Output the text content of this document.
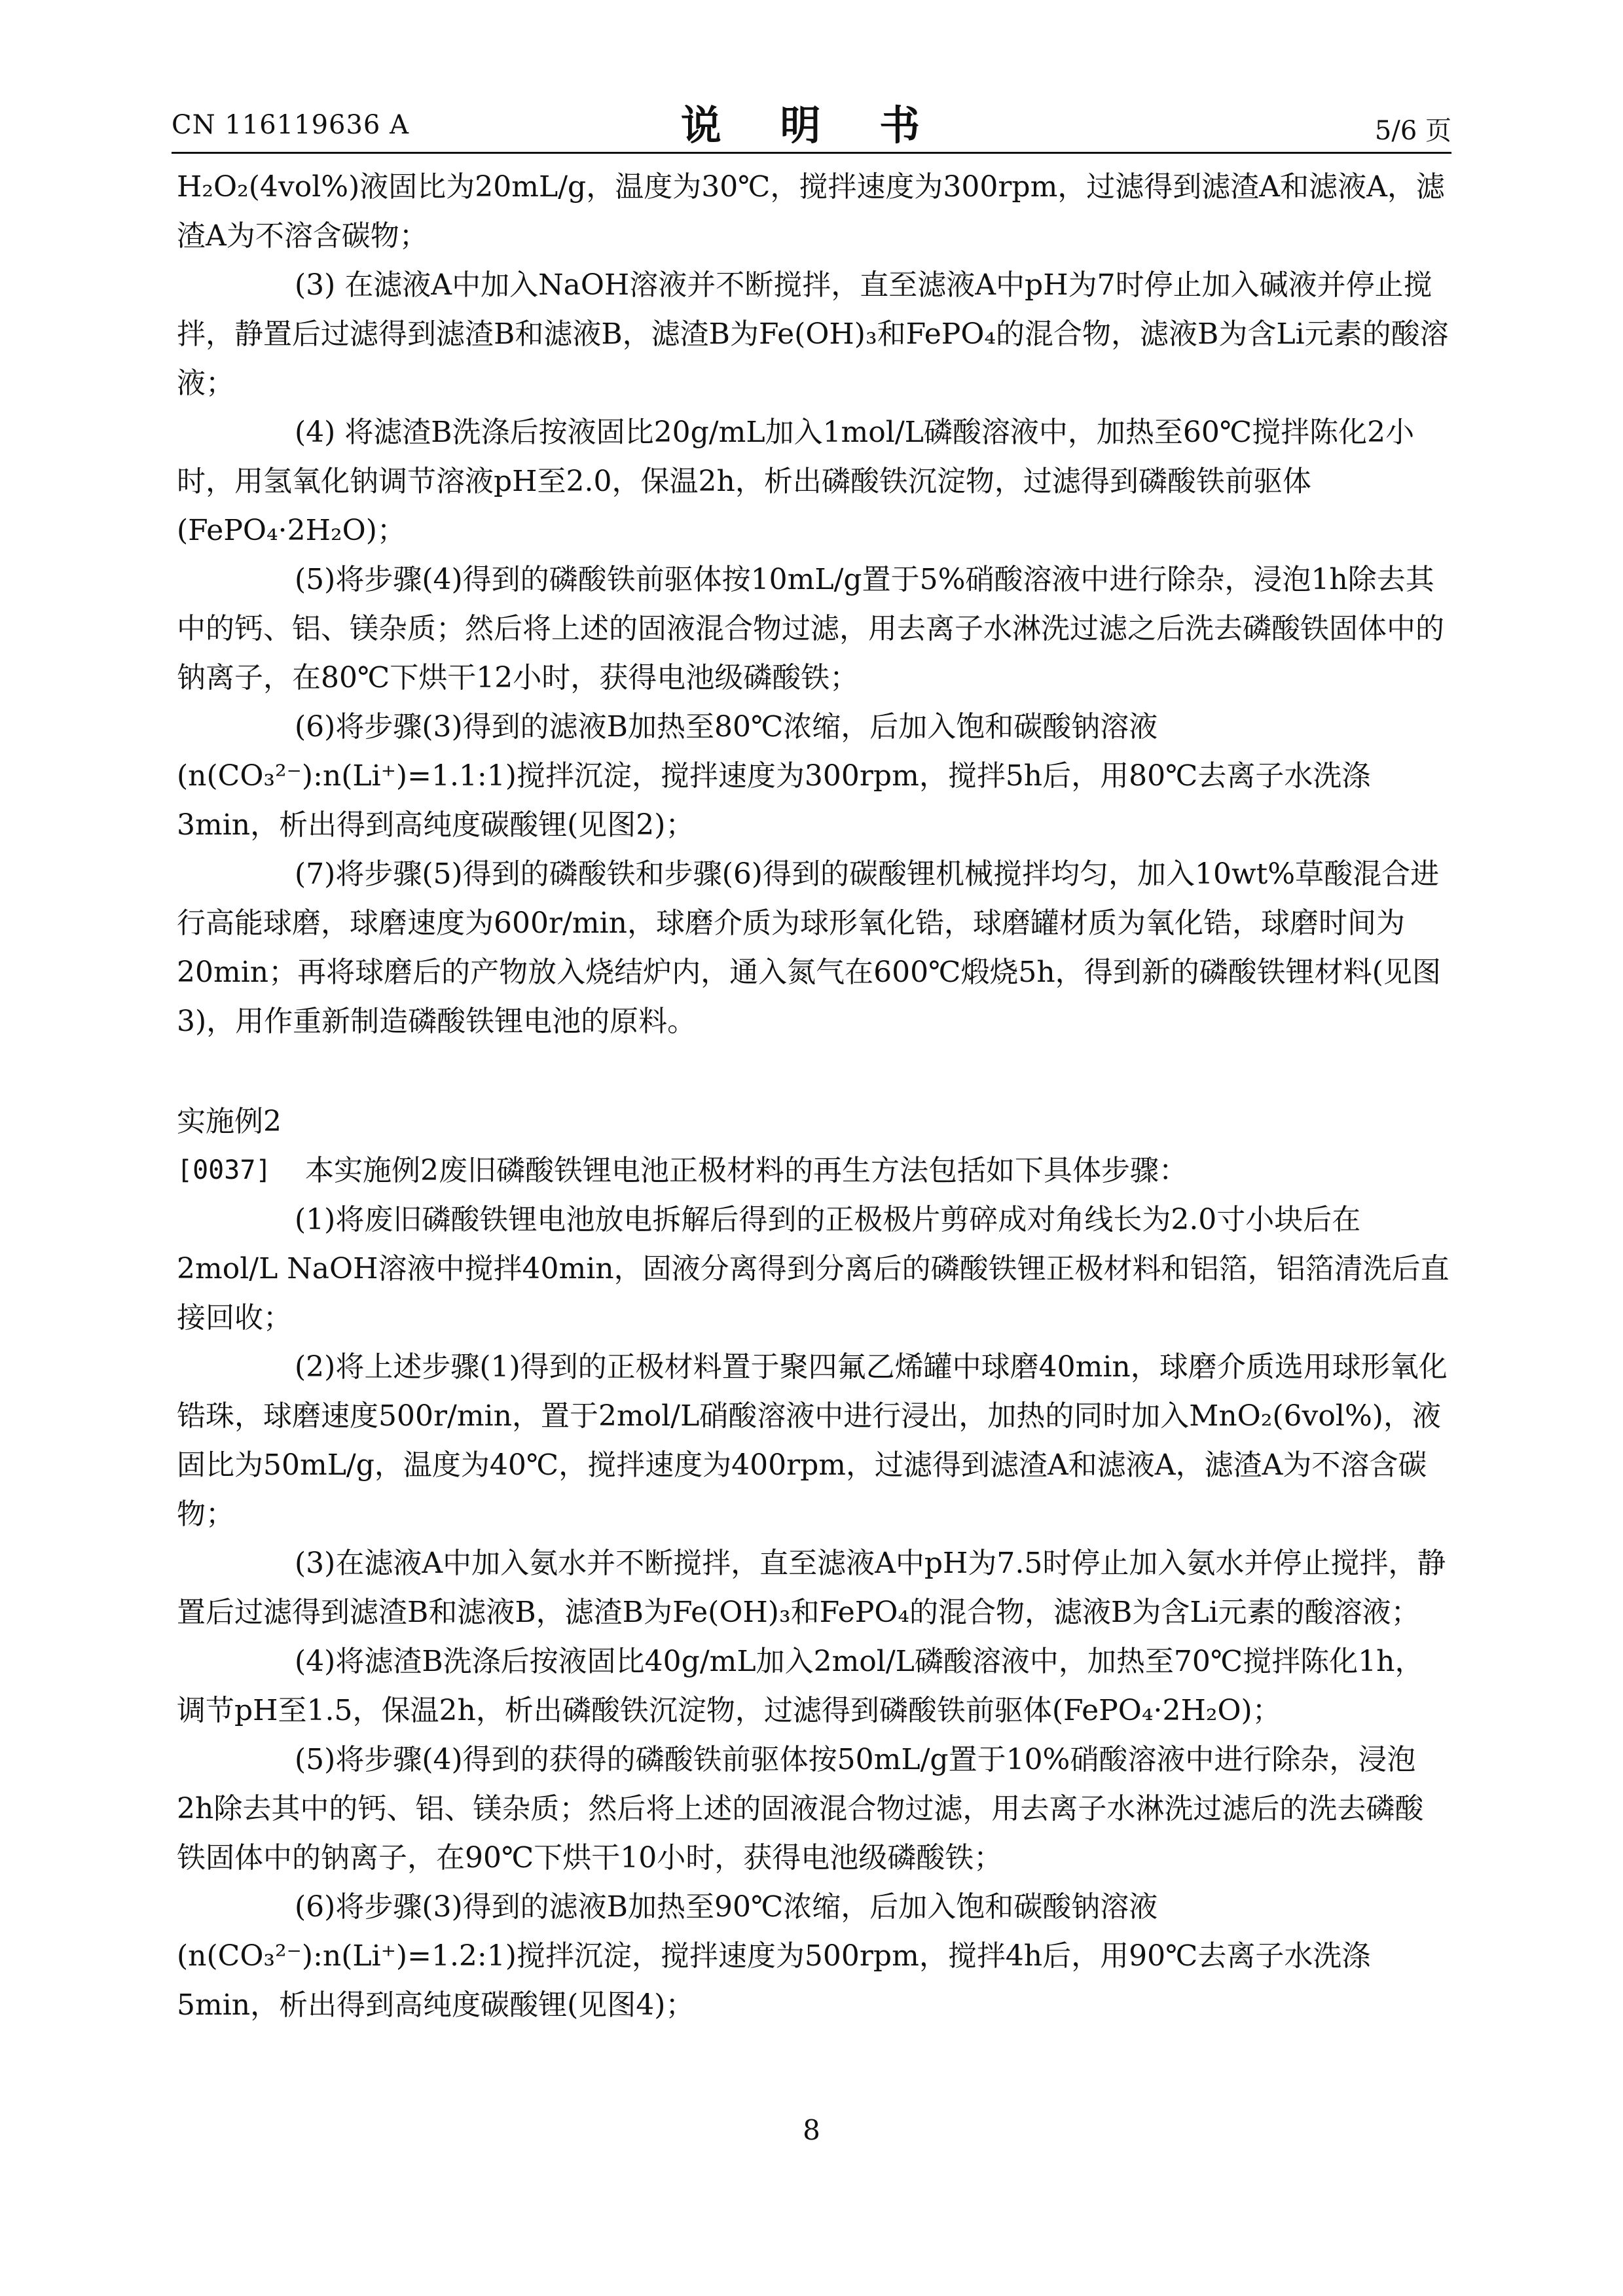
CN 116119636 A	说 明 书	5/6 页

H₂O₂(4vol%)液固比为20mL/g，温度为30℃，搅拌速度为300rpm，过滤得到滤渣A和滤液A，滤渣A为不溶含碳物；

(3) 在滤液A中加入NaOH溶液并不断搅拌，直至滤液A中pH为7时停止加入碱液并停止搅拌，静置后过滤得到滤渣B和滤液B，滤渣B为Fe(OH)₃和FePO₄的混合物，滤液B为含Li元素的酸溶液；

(4) 将滤渣B洗涤后按液固比20g/mL加入1mol/L磷酸溶液中，加热至60℃搅拌陈化2小时，用氢氧化钠调节溶液pH至2.0，保温2h，析出磷酸铁沉淀物，过滤得到磷酸铁前驱体(FePO₄·2H₂O)；

(5)将步骤(4)得到的磷酸铁前驱体按10mL/g置于5%硝酸溶液中进行除杂，浸泡1h除去其中的钙、铝、镁杂质；然后将上述的固液混合物过滤，用去离子水淋洗过滤之后洗去磷酸铁固体中的钠离子，在80℃下烘干12小时，获得电池级磷酸铁；

(6)将步骤(3)得到的滤液B加热至80℃浓缩，后加入饱和碳酸钠溶液(n(CO₃²⁻):n(Li⁺)=1.1:1)搅拌沉淀，搅拌速度为300rpm，搅拌5h后，用80℃去离子水洗涤3min，析出得到高纯度碳酸锂(见图2)；

(7)将步骤(5)得到的磷酸铁和步骤(6)得到的碳酸锂机械搅拌均匀，加入10wt%草酸混合进行高能球磨，球磨速度为600r/min，球磨介质为球形氧化锆，球磨罐材质为氧化锆，球磨时间为20min；再将球磨后的产物放入烧结炉内，通入氮气在600℃煅烧5h，得到新的磷酸铁锂材料(见图3)，用作重新制造磷酸铁锂电池的原料。

实施例2

[0037]	本实施例2废旧磷酸铁锂电池正极材料的再生方法包括如下具体步骤：

(1)将废旧磷酸铁锂电池放电拆解后得到的正极极片剪碎成对角线长为2.0寸小块后在2mol/L NaOH溶液中搅拌40min，固液分离得到分离后的磷酸铁锂正极材料和铝箔，铝箔清洗后直接回收；

(2)将上述步骤(1)得到的正极材料置于聚四氟乙烯罐中球磨40min，球磨介质选用球形氧化锆珠，球磨速度500r/min，置于2mol/L硝酸溶液中进行浸出，加热的同时加入MnO₂(6vol%)，液固比为50mL/g，温度为40℃，搅拌速度为400rpm，过滤得到滤渣A和滤液A，滤渣A为不溶含碳物；

(3)在滤液A中加入氨水并不断搅拌，直至滤液A中pH为7.5时停止加入氨水并停止搅拌，静置后过滤得到滤渣B和滤液B，滤渣B为Fe(OH)₃和FePO₄的混合物，滤液B为含Li元素的酸溶液；

(4)将滤渣B洗涤后按液固比40g/mL加入2mol/L磷酸溶液中，加热至70℃搅拌陈化1h，调节pH至1.5，保温2h，析出磷酸铁沉淀物，过滤得到磷酸铁前驱体(FePO₄·2H₂O)；

(5)将步骤(4)得到的获得的磷酸铁前驱体按50mL/g置于10%硝酸溶液中进行除杂，浸泡2h除去其中的钙、铝、镁杂质；然后将上述的固液混合物过滤，用去离子水淋洗过滤后的洗去磷酸铁固体中的钠离子，在90℃下烘干10小时，获得电池级磷酸铁；

(6)将步骤(3)得到的滤液B加热至90℃浓缩，后加入饱和碳酸钠溶液(n(CO₃²⁻):n(Li⁺)=1.2:1)搅拌沉淀，搅拌速度为500rpm，搅拌4h后，用90℃去离子水洗涤5min，析出得到高纯度碳酸锂(见图4)；

8
